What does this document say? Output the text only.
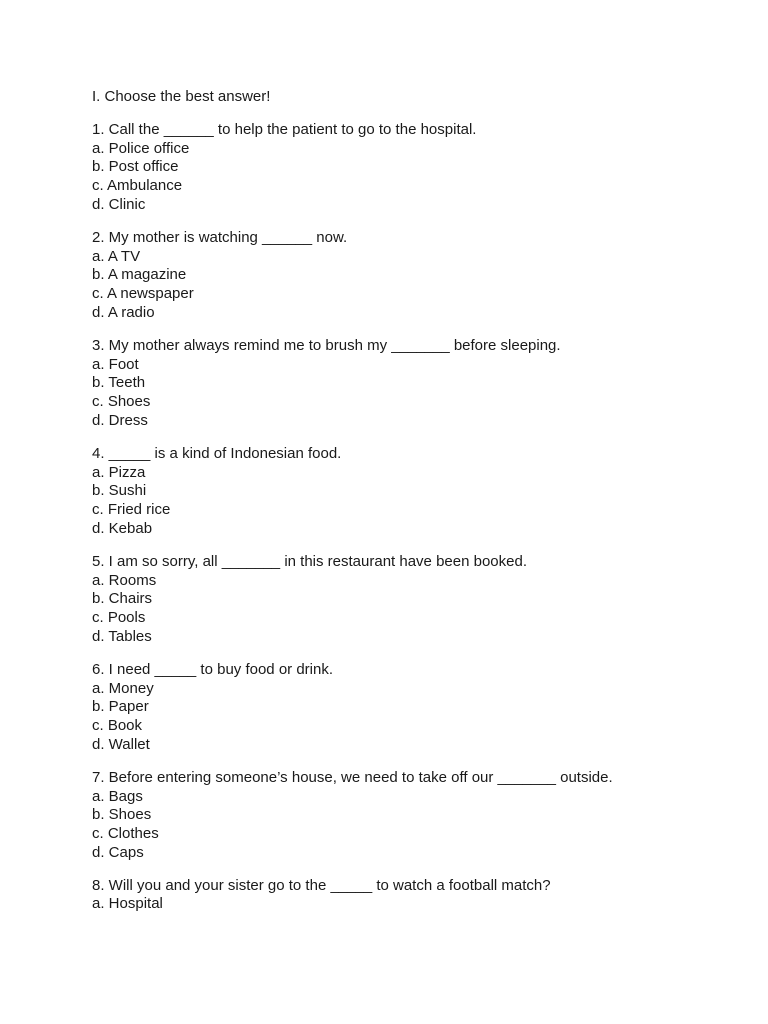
I. Choose the best answer!

1. Call the ______ to help the patient to go to the hospital.
a. Police office
b. Post office
c. Ambulance
d. Clinic
2. My mother is watching ______ now.
a. A TV
b. A magazine
c. A newspaper
d. A radio
3. My mother always remind me to brush my _______ before sleeping.
a. Foot
b. Teeth
c. Shoes
d. Dress
4. _____ is a kind of Indonesian food.
a. Pizza
b. Sushi
c. Fried rice
d. Kebab
5. I am so sorry, all _______ in this restaurant have been booked.
a. Rooms
b. Chairs
c. Pools
d. Tables
6. I need _____ to buy food or drink.
a. Money
b. Paper
c. Book
d. Wallet
7. Before entering someone’s house, we need to take off our _______ outside.
a. Bags
b. Shoes
c. Clothes
d. Caps
8. Will you and your sister go to the _____ to watch a football match?
a. Hospital
